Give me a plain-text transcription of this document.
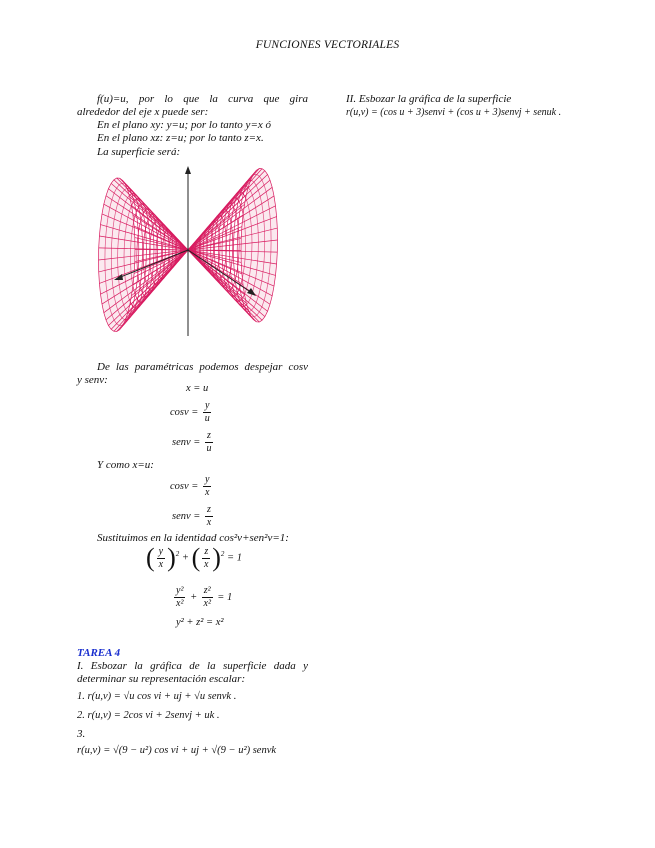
FUNCIONES VECTORIALES
f(u)=u, por lo que la curva que gira
alrededor del eje x puede ser:
En el plano xy: y=u; por lo tanto y=x ó
En el plano xz: z=u; por lo tanto z=x.
La superficie será:
De las paramétricas podemos despejar cosv
y senv:
x = u
$\cos v = \frac{y}{u}$
senv = $\frac{z}{u}$
Y como x=u:
$\cos v = \frac{y}{x}$
senv = $\frac{z}{x}$
Sustituimos en la identidad cos²v+sen²v=1:
( $\frac{y}{x} )^2$ + ( $\frac{z}{x} )^2 = 1$
$\frac{\text{y²}}{\text{x²}} + \frac{\text{z²}}{\text{x²}} = 1$
y² + z² = x²
TAREA 4
I. Esbozar la gráfica de la superficie dada y
determinar su representación escalar:
1. r(u,v) = √u cos vi + uj + √u senvk .
2. r(u,v) = 2cos vi + 2senvj + uk .
3.
r(u,v) = √(9 − u²) cos vi + uj + √(9 − u²) senvk
II. Esbozar la gráfica de la superficie
r(u,v) = (cos u + 3)senvi + (cos u + 3)senvj + senuk .
